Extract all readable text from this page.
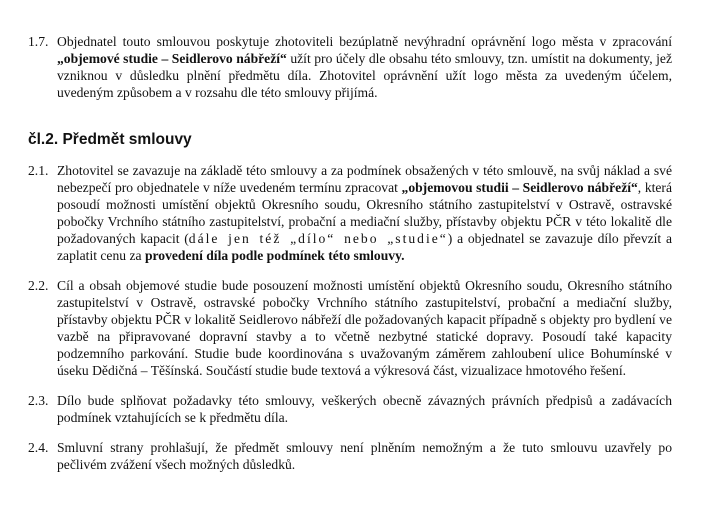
1.7. Objednatel touto smlouvou poskytuje zhotoviteli bezúplatně nevýhradní oprávnění logo města v zpracování „objemové studie – Seidlerovo nábřeží“ užít pro účely dle obsahu této smlouvy, tzn. umístit na dokumenty, jež vzniknou v důsledku plnění předmětu díla. Zhotovitel oprávnění užít logo města za uvedeným účelem, uvedeným způsobem a v rozsahu dle této smlouvy přijímá.
čl.2. Předmět smlouvy
2.1. Zhotovitel se zavazuje na základě této smlouvy a za podmínek obsažených v této smlouvě, na svůj náklad a své nebezpečí pro objednatele v níže uvedeném termínu zpracovat „objemovou studii – Seidlerovo nábřeží“, která posoudí možnosti umístění objektů Okresního soudu, Okresního státního zastupitelství v Ostravě, ostravské pobočky Vrchního státního zastupitelství, probační a mediační služby, přístavby objektu PČR v této lokalitě dle požadovaných kapacit (dále jen též „dílo“ nebo „studie“) a objednatel se zavazuje dílo převzít a zaplatit cenu za provedení díla podle podmínek této smlouvy.
2.2. Cíl a obsah objemové studie bude posouzení možnosti umístění objektů Okresního soudu, Okresního státního zastupitelství v Ostravě, ostravské pobočky Vrchního státního zastupitelství, probační a mediační služby, přístavby objektu PČR v lokalitě Seidlerovo nábřeží dle požadovaných kapacit případně s objekty pro bydlení ve vazbě na připravované dopravní stavby a to včetně nezbytné statické dopravy. Posoudí také kapacity podzemního parkování. Studie bude koordinována s uvažovaným záměrem zahloubení ulice Bohumínské v úseku Dědičná – Těšínská. Součástí studie bude textová a výkresová část, vizualizace hmotového řešení.
2.3. Dílo bude splňovat požadavky této smlouvy, veškerých obecně závazných právních předpisů a zadávacích podmínek vztahujících se k předmětu díla.
2.4. Smluvní strany prohlašují, že předmět smlouvy není plněním nemožným a že tuto smlouvu uzavřely po pečlivém zvážení všech možných důsledků.
